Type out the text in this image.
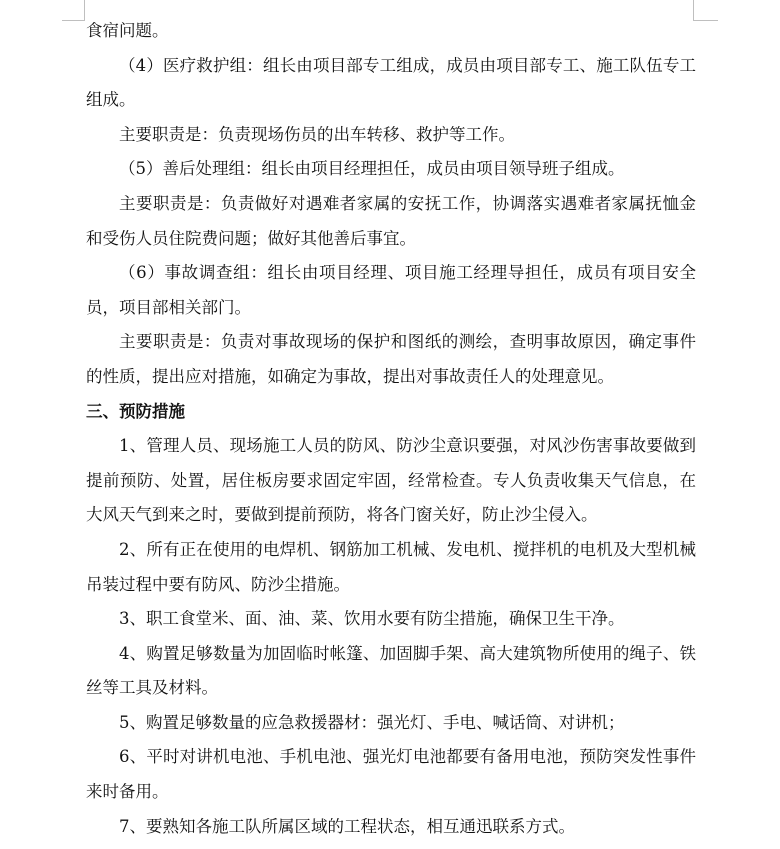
食宿问题。

（4）医疗救护组：组长由项目部专工组成，成员由项目部专工、施工队伍专工组成。

主要职责是：负责现场伤员的出车转移、救护等工作。

（5）善后处理组：组长由项目经理担任，成员由项目领导班子组成。

主要职责是：负责做好对遇难者家属的安抚工作，协调落实遇难者家属抚恤金和受伤人员住院费问题；做好其他善后事宜。

（6）事故调查组：组长由项目经理、项目施工经理导担任，成员有项目安全员，项目部相关部门。

主要职责是：负责对事故现场的保护和图纸的测绘，查明事故原因，确定事件的性质，提出应对措施，如确定为事故，提出对事故责任人的处理意见。

三、预防措施

1、管理人员、现场施工人员的防风、防沙尘意识要强，对风沙伤害事故要做到提前预防、处置，居住板房要求固定牢固，经常检查。专人负责收集天气信息，在大风天气到来之时，要做到提前预防，将各门窗关好，防止沙尘侵入。

2、所有正在使用的电焊机、钢筋加工机械、发电机、搅拌机的电机及大型机械吊装过程中要有防风、防沙尘措施。

3、职工食堂米、面、油、菜、饮用水要有防尘措施，确保卫生干净。

4、购置足够数量为加固临时帐篷、加固脚手架、高大建筑物所使用的绳子、铁丝等工具及材料。

5、购置足够数量的应急救援器材：强光灯、手电、喊话筒、对讲机；

6、平时对讲机电池、手机电池、强光灯电池都要有备用电池，预防突发性事件来时备用。

7、要熟知各施工队所属区域的工程状态，相互通迅联系方式。
